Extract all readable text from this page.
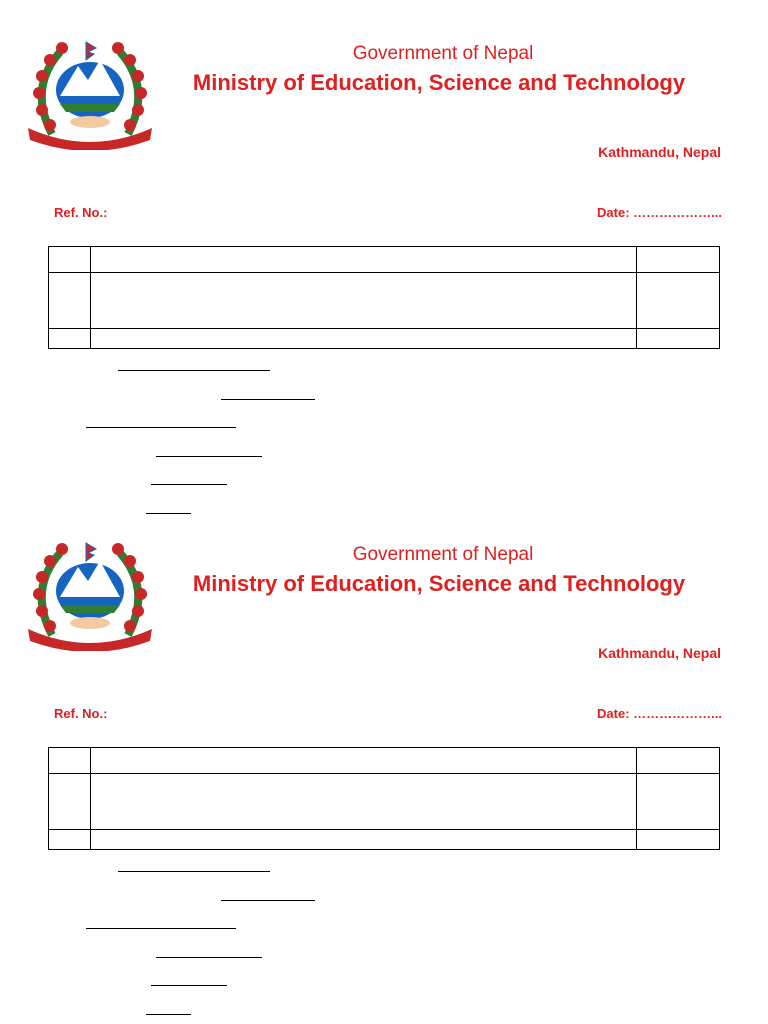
Government of Nepal
Ministry of Education, Science and Technology
Kathmandu, Nepal
Ref. No.:	Date: ………………...

Government of Nepal
Ministry of Education, Science and Technology
Kathmandu, Nepal
Ref. No.:	Date: ………………...
